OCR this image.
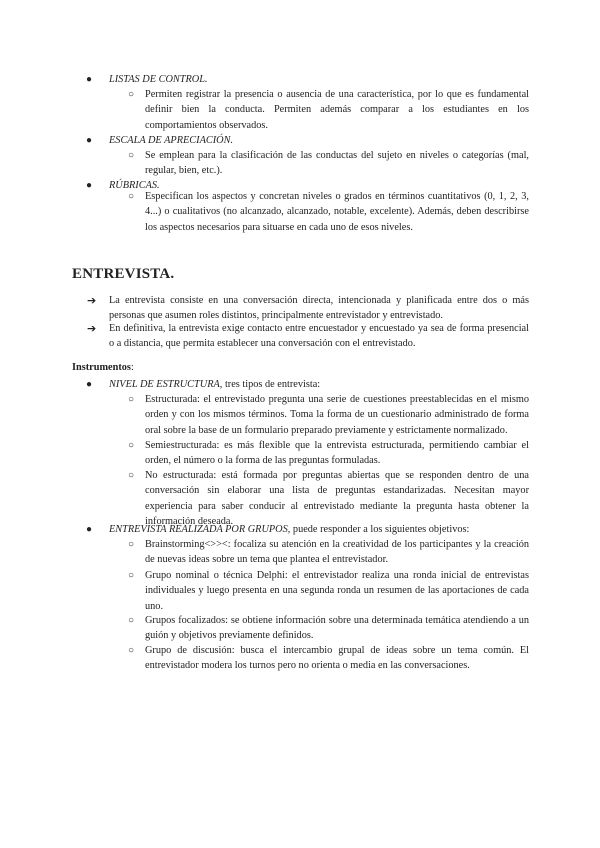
● LISTAS DE CONTROL.
○ Permiten registrar la presencia o ausencia de una característica, por lo que es fundamental definir bien la conducta. Permiten además comparar a los estudiantes en los comportamientos observados.

● ESCALA DE APRECIACIÓN.
○ Se emplean para la clasificación de las conductas del sujeto en niveles o categorías (mal, regular, bien, etc.).

● RÚBRICAS.
○ Especifican los aspectos y concretan niveles o grados en términos cuantitativos (0, 1, 2, 3, 4...) o cualitativos (no alcanzado, alcanzado, notable, excelente). Además, deben describirse los aspectos necesarios para situarse en cada uno de esos niveles.

ENTREVISTA.
➔ La entrevista consiste en una conversación directa, intencionada y planificada entre dos o más personas que asumen roles distintos, principalmente entrevistador y entrevistado.

➔ En definitiva, la entrevista exige contacto entre encuestador y encuestado ya sea de forma presencial o a distancia, que permita establecer una conversación con el entrevistado.

Instrumentos:
● NIVEL DE ESTRUCTURA, tres tipos de entrevista:
○ Estructurada: el entrevistado pregunta una serie de cuestiones preestablecidas en el mismo orden y con los mismos términos. Toma la forma de un cuestionario administrado de forma oral sobre la base de un formulario preparado previamente y estrictamente normalizado.

○ Semiestructurada: es más flexible que la entrevista estructurada, permitiendo cambiar el orden, el número o la forma de las preguntas formuladas.

○ No estructurada: está formada por preguntas abiertas que se responden dentro de una conversación sin elaborar una lista de preguntas estandarizadas. Necesitan mayor experiencia para saber conducir al entrevistado mediante la pregunta hasta obtener la información deseada.

● ENTREVISTA REALIZADA POR GRUPOS, puede responder a los siguientes objetivos:
○ Brainstorming<>><: focaliza su atención en la creatividad de los participantes y la creación de nuevas ideas sobre un tema que plantea el entrevistador.

○ Grupo nominal o técnica Delphi: el entrevistador realiza una ronda inicial de entrevistas individuales y luego presenta en una segunda ronda un resumen de las aportaciones de cada uno.

○ Grupos focalizados: se obtiene información sobre una determinada temática atendiendo a un guión y objetivos previamente definidos.

○ Grupo de discusión: busca el intercambio grupal de ideas sobre un tema común. El entrevistador modera los turnos pero no orienta o media en las conversaciones.
